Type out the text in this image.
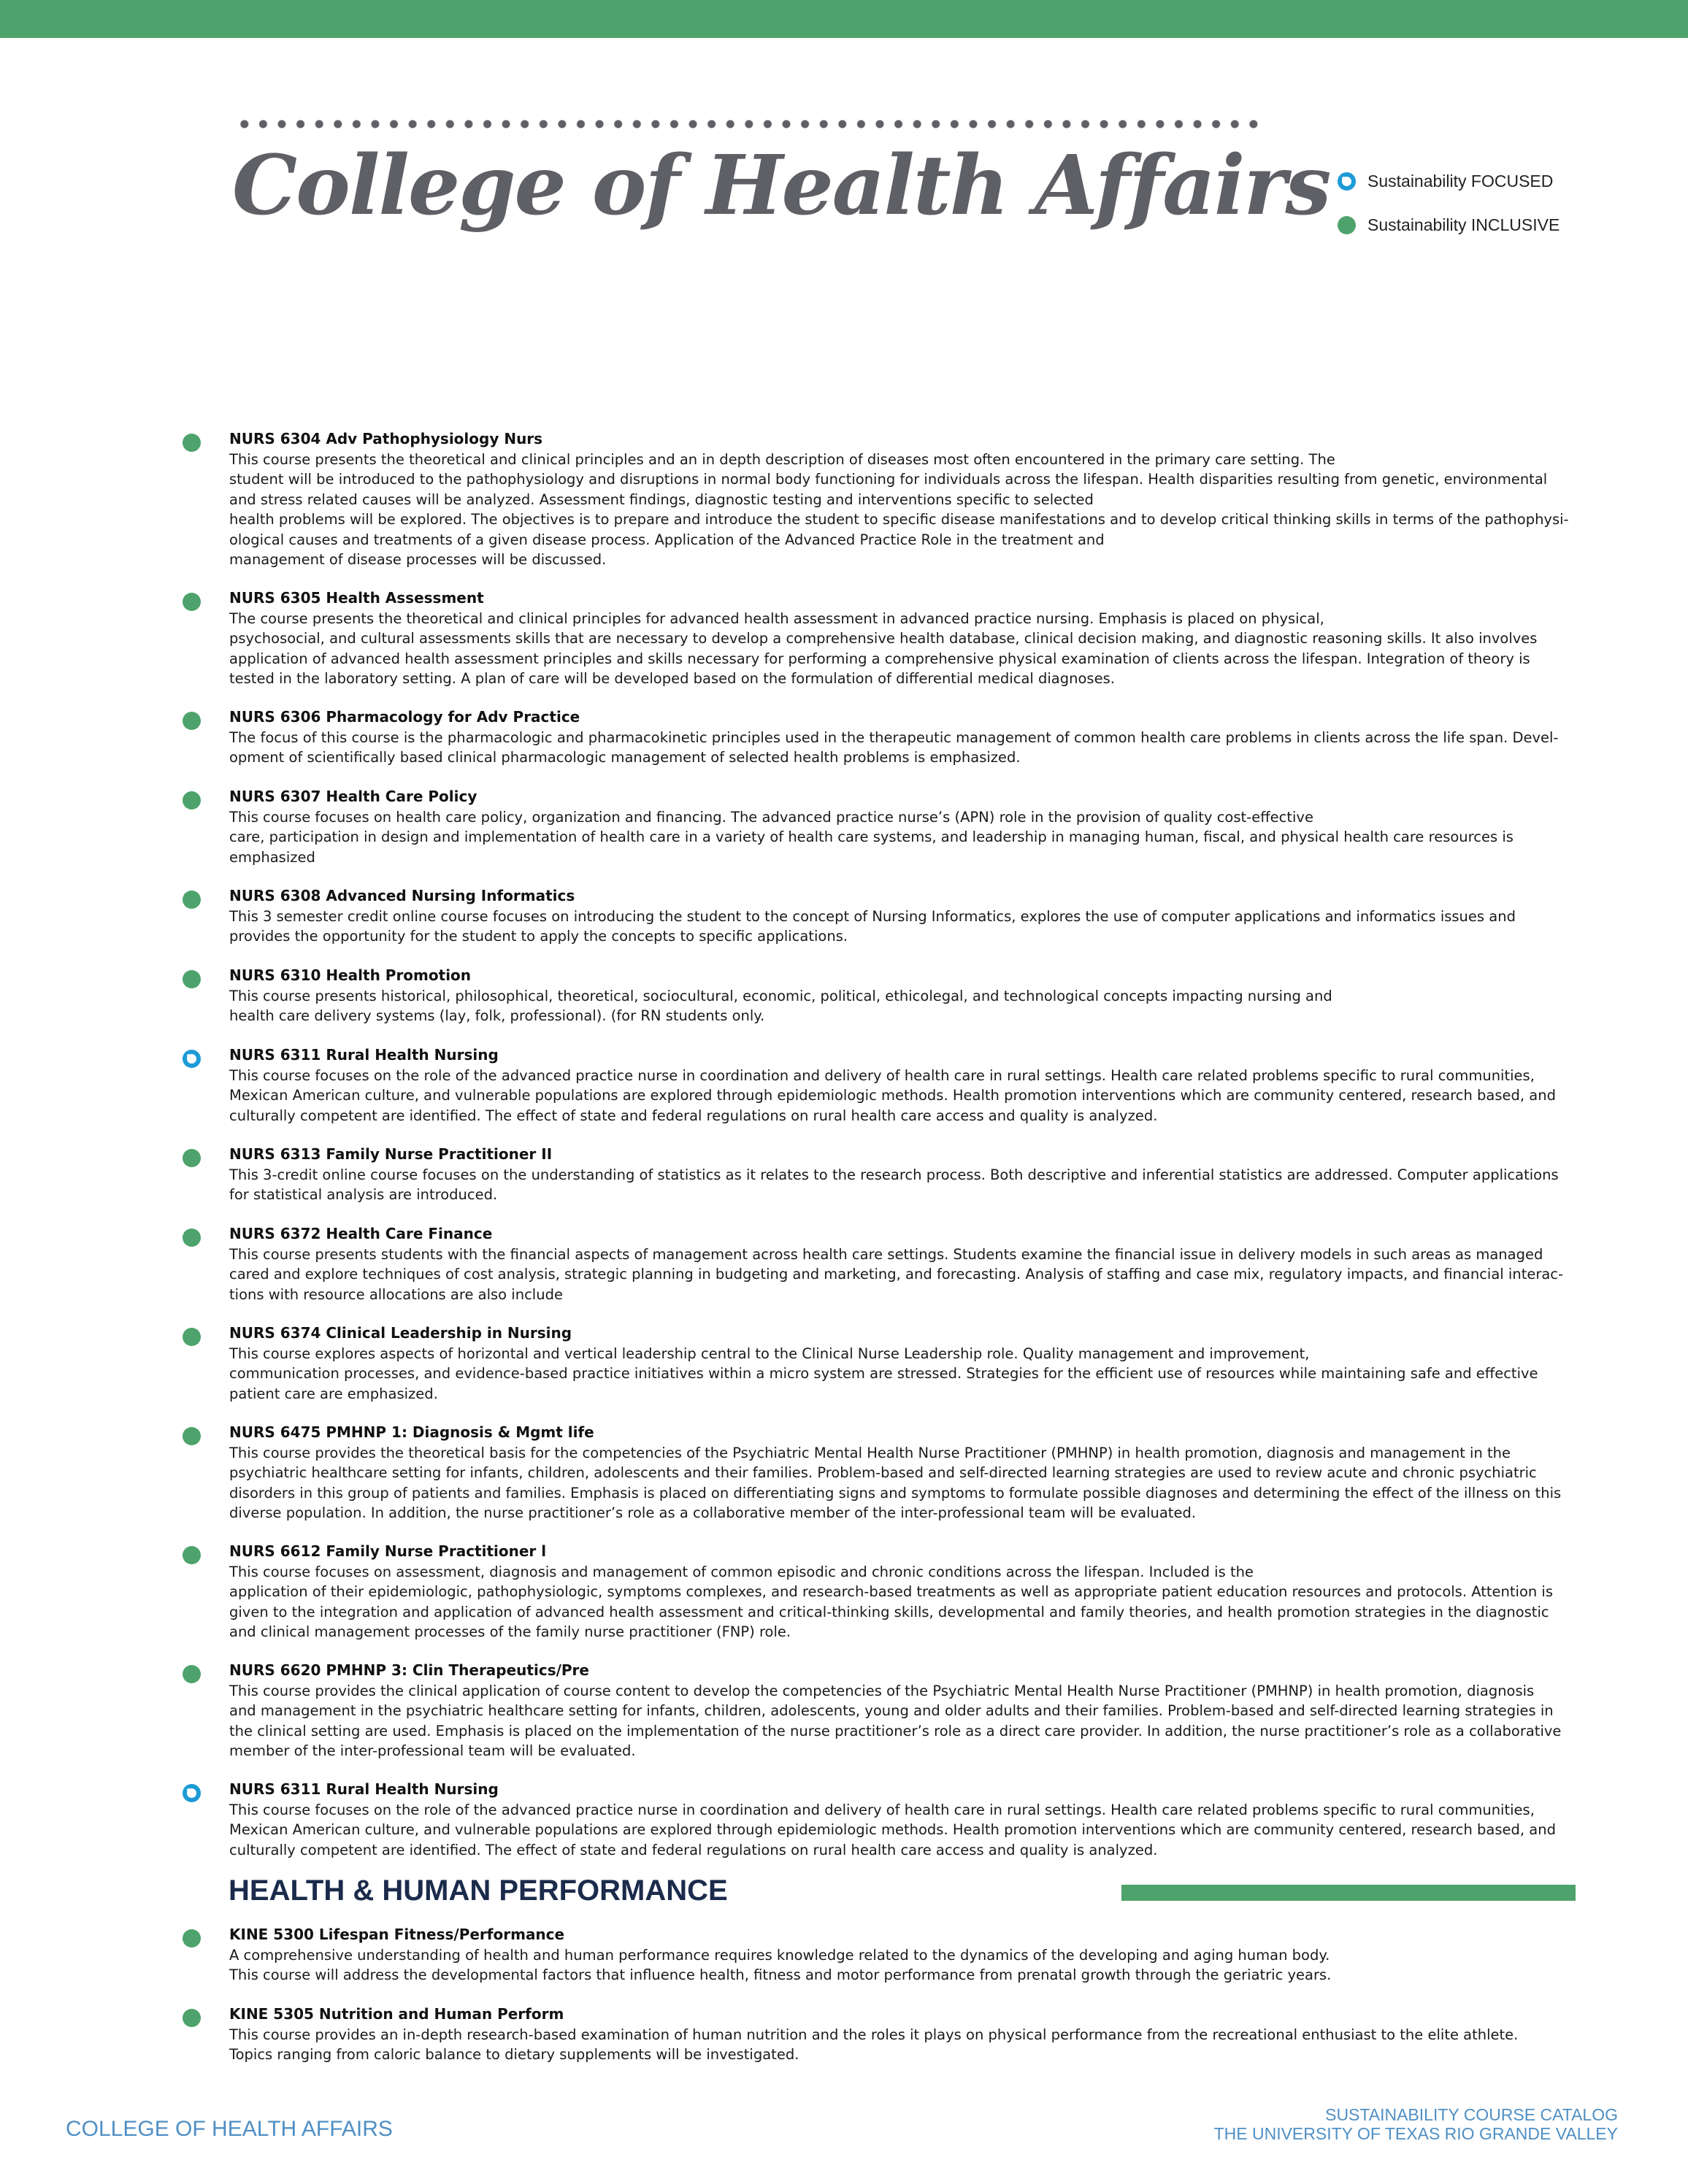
College of Health Affairs Sustainability FOCUSED
Sustainability INCLUSIVE
NURS 6304 Adv Pathophysiology Nurs
This course presents the theoretical and clinical principles and an in depth description of diseases most often encountered in the primary care setting. The
student will be introduced to the pathophysiology and disruptions in normal body functioning for individuals across the lifespan. Health disparities resulting from genetic, environmental
and stress related causes will be analyzed. Assessment findings, diagnostic testing and interventions specific to selected
health problems will be explored. The objectives is to prepare and introduce the student to specific disease manifestations and to develop critical thinking skills in terms of the pathophysi-
ological causes and treatments of a given disease process. Application of the Advanced Practice Role in the treatment and
management of disease processes will be discussed.
NURS 6305 Health Assessment
The course presents the theoretical and clinical principles for advanced health assessment in advanced practice nursing. Emphasis is placed on physical,
psychosocial, and cultural assessments skills that are necessary to develop a comprehensive health database, clinical decision making, and diagnostic reasoning skills. It also involves
application of advanced health assessment principles and skills necessary for performing a comprehensive physical examination of clients across the lifespan. Integration of theory is
tested in the laboratory setting. A plan of care will be developed based on the formulation of differential medical diagnoses.
NURS 6306 Pharmacology for Adv Practice
The focus of this course is the pharmacologic and pharmacokinetic principles used in the therapeutic management of common health care problems in clients across the life span. Devel-
opment of scientifically based clinical pharmacologic management of selected health problems is emphasized.
NURS 6307 Health Care Policy
This course focuses on health care policy, organization and financing. The advanced practice nurse’s (APN) role in the provision of quality cost-effective
care, participation in design and implementation of health care in a variety of health care systems, and leadership in managing human, fiscal, and physical health care resources is
emphasized
NURS 6308 Advanced Nursing Informatics
This 3 semester credit online course focuses on introducing the student to the concept of Nursing Informatics, explores the use of computer applications and informatics issues and
provides the opportunity for the student to apply the concepts to specific applications.
NURS 6310 Health Promotion
This course presents historical, philosophical, theoretical, sociocultural, economic, political, ethicolegal, and technological concepts impacting nursing and
health care delivery systems (lay, folk, professional). (for RN students only.
NURS 6311 Rural Health Nursing
This course focuses on the role of the advanced practice nurse in coordination and delivery of health care in rural settings. Health care related problems specific to rural communities,
Mexican American culture, and vulnerable populations are explored through epidemiologic methods. Health promotion interventions which are community centered, research based, and
culturally competent are identified. The effect of state and federal regulations on rural health care access and quality is analyzed.
NURS 6313 Family Nurse Practitioner II
This 3-credit online course focuses on the understanding of statistics as it relates to the research process. Both descriptive and inferential statistics are addressed. Computer applications
for statistical analysis are introduced.
NURS 6372 Health Care Finance
This course presents students with the financial aspects of management across health care settings. Students examine the financial issue in delivery models in such areas as managed
cared and explore techniques of cost analysis, strategic planning in budgeting and marketing, and forecasting. Analysis of staffing and case mix, regulatory impacts, and financial interac-
tions with resource allocations are also include
NURS 6374 Clinical Leadership in Nursing
This course explores aspects of horizontal and vertical leadership central to the Clinical Nurse Leadership role. Quality management and improvement,
communication processes, and evidence-based practice initiatives within a micro system are stressed. Strategies for the efficient use of resources while maintaining safe and effective
patient care are emphasized.
NURS 6475 PMHNP 1: Diagnosis & Mgmt life
This course provides the theoretical basis for the competencies of the Psychiatric Mental Health Nurse Practitioner (PMHNP) in health promotion, diagnosis and management in the
psychiatric healthcare setting for infants, children, adolescents and their families. Problem-based and self-directed learning strategies are used to review acute and chronic psychiatric
disorders in this group of patients and families. Emphasis is placed on differentiating signs and symptoms to formulate possible diagnoses and determining the effect of the illness on this
diverse population. In addition, the nurse practitioner’s role as a collaborative member of the inter-professional team will be evaluated.
NURS 6612 Family Nurse Practitioner l
This course focuses on assessment, diagnosis and management of common episodic and chronic conditions across the lifespan. Included is the
application of their epidemiologic, pathophysiologic, symptoms complexes, and research-based treatments as well as appropriate patient education resources and protocols. Attention is
given to the integration and application of advanced health assessment and critical-thinking skills, developmental and family theories, and health promotion strategies in the diagnostic
and clinical management processes of the family nurse practitioner (FNP) role.
NURS 6620 PMHNP 3: Clin Therapeutics/Pre
This course provides the clinical application of course content to develop the competencies of the Psychiatric Mental Health Nurse Practitioner (PMHNP) in health promotion, diagnosis
and management in the psychiatric healthcare setting for infants, children, adolescents, young and older adults and their families. Problem-based and self-directed learning strategies in
the clinical setting are used. Emphasis is placed on the implementation of the nurse practitioner’s role as a direct care provider. In addition, the nurse practitioner’s role as a collaborative
member of the inter-professional team will be evaluated.
NURS 6311 Rural Health Nursing
This course focuses on the role of the advanced practice nurse in coordination and delivery of health care in rural settings. Health care related problems specific to rural communities,
Mexican American culture, and vulnerable populations are explored through epidemiologic methods. Health promotion interventions which are community centered, research based, and
culturally competent are identified. The effect of state and federal regulations on rural health care access and quality is analyzed.
KINE 5300 Lifespan Fitness/Performance
A comprehensive understanding of health and human performance requires knowledge related to the dynamics of the developing and aging human body.
This course will address the developmental factors that influence health, fitness and motor performance from prenatal growth through the geriatric years.
KINE 5305 Nutrition and Human Perform
This course provides an in-depth research-based examination of human nutrition and the roles it plays on physical performance from the recreational enthusiast to the elite athlete.
Topics ranging from caloric balance to dietary supplements will be investigated.
HEALTH & HUMAN PERFORMANCE
COLLEGE OF HEALTH AFFAIRS
SUSTAINABILITY COURSE CATALOG
THE UNIVERSITY OF TEXAS RIO GRANDE VALLEY
